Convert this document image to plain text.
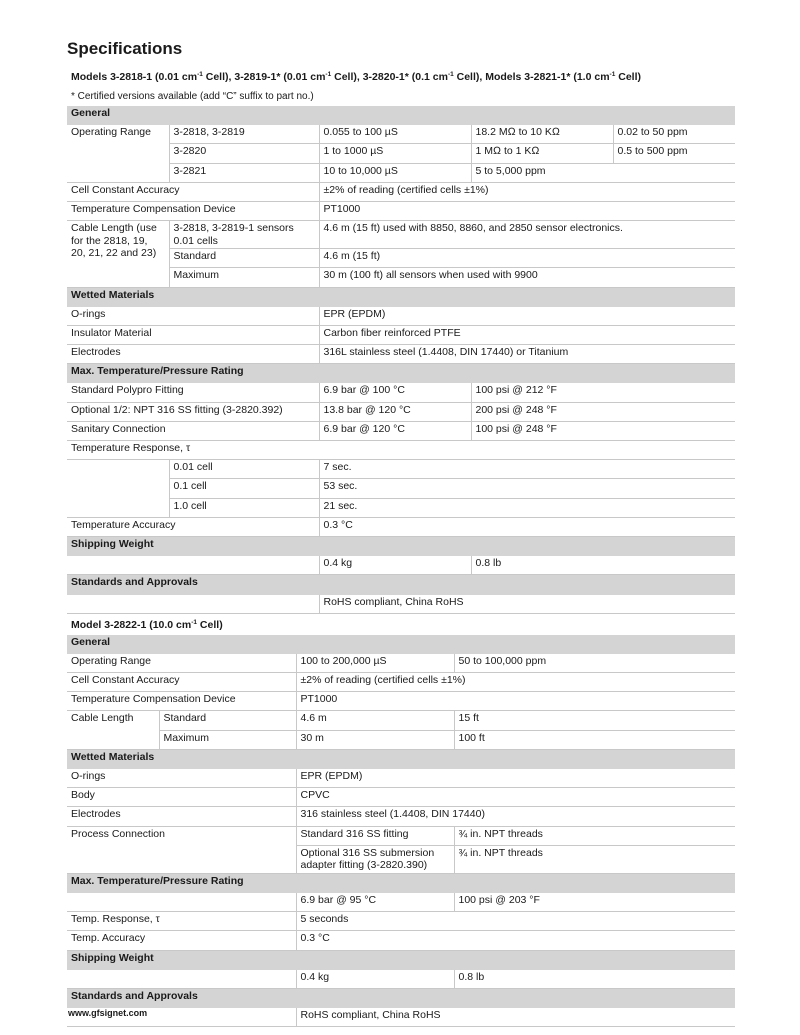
Specifications
Models 3-2818-1 (0.01 $cm^{-1}$ Cell), 3-2819-1* (0.01 $cm^{-1}$ Cell), 3-2820-1* (0.1 $cm^{-1}$ Cell), Models 3-2821-1* (1.0 $cm^{-1}$ Cell)
* Certified versions available (add “C” suffix to part no.)
General				
Operating Range	3-2818, 3-2819	0.055 to 100 µS	18.2 MΩ to 10 KΩ	0.02 to 50 ppm
	3-2820	1 to 1000 µS	1 MΩ to 1 KΩ	0.5 to 500 ppm
	3-2821	10 to 10,000 µS	5 to 5,000 ppm	
Cell Constant Accuracy		±2% of reading (certified cells ±1%)		
Temperature Compensation Device		PT1000		
Cable Length (use for the 2818, 19, 20, 21, 22 and 23)	3-2818, 3-2819-1 sensors 0.01 cells	4.6 m (15 ft) used with 8850, 8860, and 2850 sensor electronics.		
	Standard	4.6 m (15 ft)		
	Maximum	30 m (100 ft) all sensors when used with 9900		
Wetted Materials				
O-rings		EPR (EPDM)		
Insulator Material		Carbon fiber reinforced PTFE		
Electrodes		316L stainless steel (1.4408, DIN 17440) or Titanium		
Max. Temperature/Pressure Rating				
Standard Polypro Fitting		6.9 bar @ 100 °C	100 psi @ 212 °F	
Optional 1/2: NPT 316 SS fitting (3-2820.392)		13.8 bar @ 120 °C	200 psi @ 248 °F	
Sanitary Connection		6.9 bar @ 120 °C	100 psi @ 248 °F	
Temperature Response, τ				
	0.01 cell	7 sec.		
	0.1 cell	53 sec.		
	1.0 cell	21 sec.		
Temperature Accuracy		0.3 °C		
Shipping Weight				
		0.4 kg	0.8 lb	
Standards and Approvals				
		RoHS compliant, China RoHS		
Model 3-2822-1 (10.0 $cm^{-1}$ Cell)
General			
Operating Range		100 to 200,000 µS	50 to 100,000 ppm
Cell Constant Accuracy		±2% of reading (certified cells ±1%)	
Temperature Compensation Device		PT1000	
Cable Length	Standard	4.6 m	15 ft
	Maximum	30 m	100 ft
Wetted Materials			
O-rings		EPR (EPDM)	
Body		CPVC	
Electrodes		316 stainless steel (1.4408, DIN 17440)	
Process Connection		Standard 316 SS fitting	¾ in. NPT threads
		Optional 316 SS submersion adapter fitting (3-2820.390)	¾ in. NPT threads
Max. Temperature/Pressure Rating			
		6.9 bar @ 95 °C	100 psi @ 203 °F
Temp. Response, τ		5 seconds	
Temp. Accuracy		0.3 °C	
Shipping Weight			
		0.4 kg	0.8 lb
Standards and Approvals			
		RoHS compliant, China RoHS	
www.gfsignet.com
